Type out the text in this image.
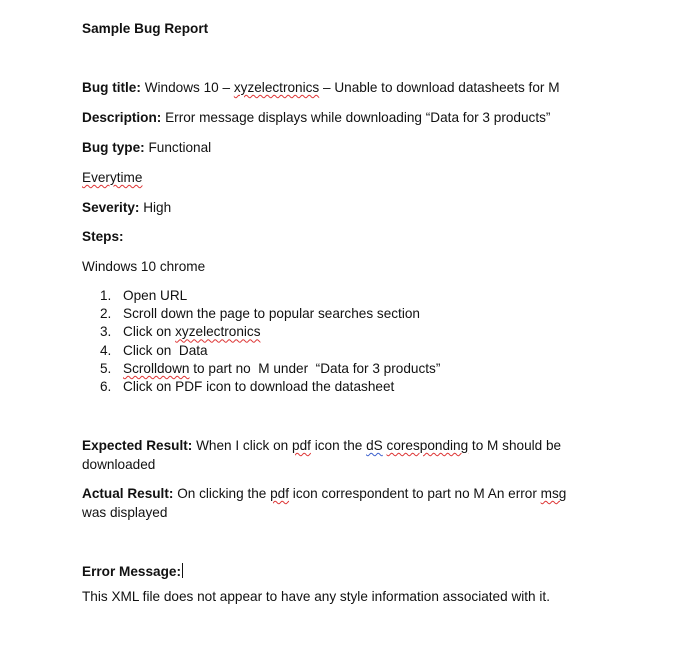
Sample Bug Report
Bug title: Windows 10 – xyzelectronics – Unable to download datasheets for M
Description: Error message displays while downloading “Data for 3 products”
Bug type: Functional
Everytime
Severity: High
Steps:
Windows 10 chrome
1. Open URL
2. Scroll down the page to popular searches section
3. Click on xyzelectronics
4. Click on  Data
5. Scrolldown to part no  M under  “Data for 3 products”
6. Click on PDF icon to download the datasheet
Expected Result: When I click on pdf icon the dS coresponding to M should be
downloaded
Actual Result: On clicking the pdf icon correspondent to part no M An error msg
was displayed
Error Message:
This XML file does not appear to have any style information associated with it.
